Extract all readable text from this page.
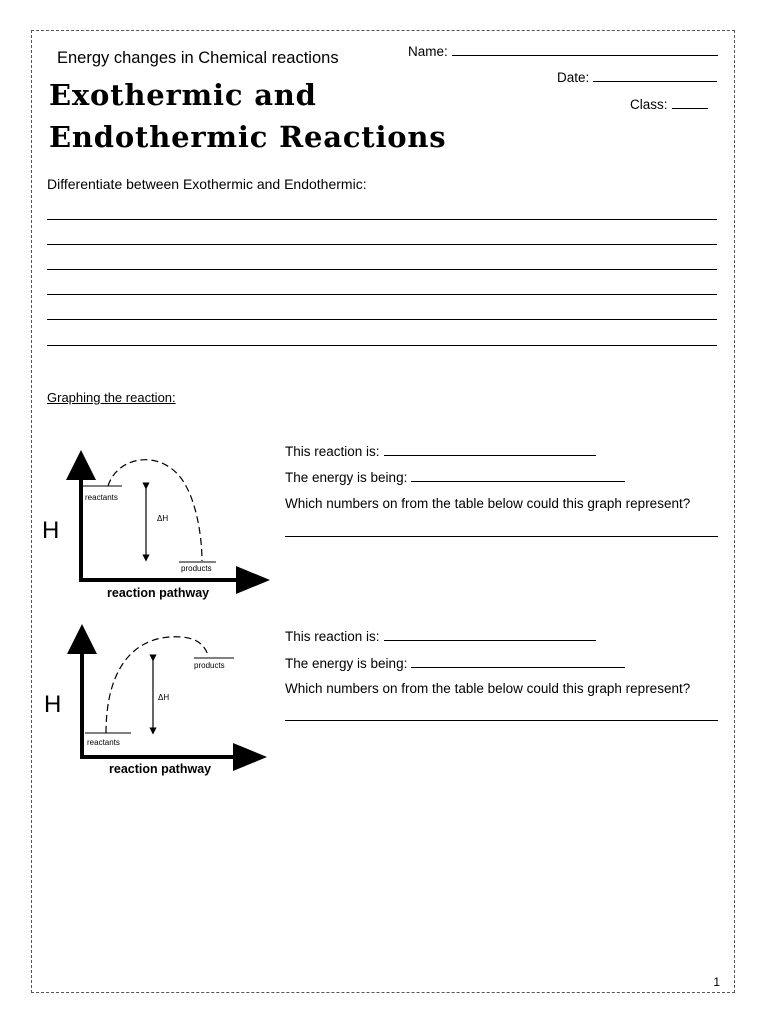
Energy changes in Chemical reactions
Exothermic and
Endothermic Reactions
Name:
Date:
Class:
Differentiate between Exothermic and Endothermic:
Graphing the reaction:
ΔH
reactants
products
H
reaction pathway
This reaction is:
The energy is being:
Which numbers on from the table below could this graph represent?
ΔH
reactants
products
H
reaction pathway
This reaction is:
The energy is being:
Which numbers on from the table below could this graph represent?
1
